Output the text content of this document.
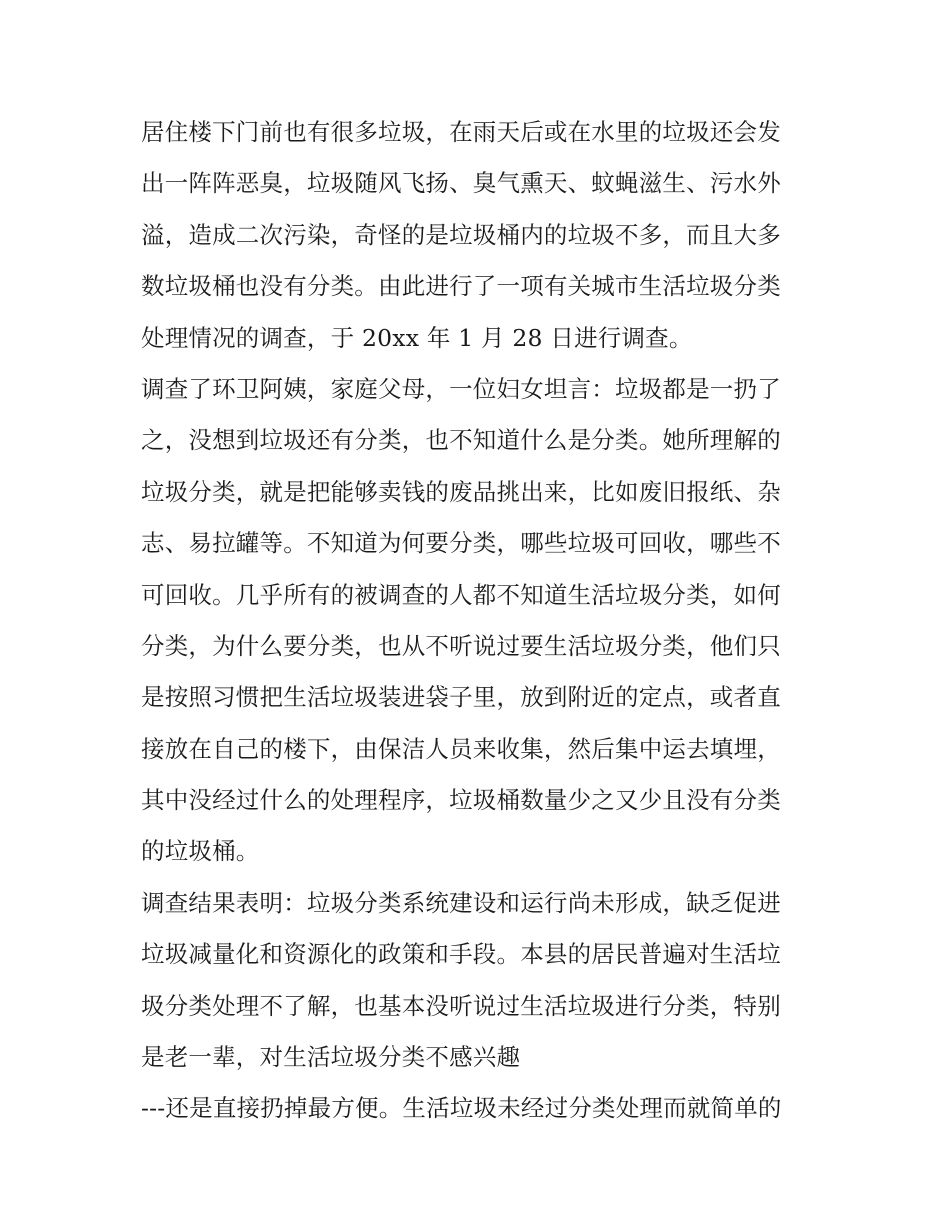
居住楼下门前也有很多垃圾，在雨天后或在水里的垃圾还会发
出一阵阵恶臭，垃圾随风飞扬、臭气熏天、蚊蝇滋生、污水外
溢，造成二次污染，奇怪的是垃圾桶内的垃圾不多，而且大多
数垃圾桶也没有分类。由此进行了一项有关城市生活垃圾分类
处理情况的调查，于 20xx 年 1 月 28 日进行调查。
调查了环卫阿姨，家庭父母，一位妇女坦言：垃圾都是一扔了
之，没想到垃圾还有分类，也不知道什么是分类。她所理解的
垃圾分类，就是把能够卖钱的废品挑出来，比如废旧报纸、杂
志、易拉罐等。不知道为何要分类，哪些垃圾可回收，哪些不
可回收。几乎所有的被调查的人都不知道生活垃圾分类，如何
分类，为什么要分类，也从不听说过要生活垃圾分类，他们只
是按照习惯把生活垃圾装进袋子里，放到附近的定点，或者直
接放在自己的楼下，由保洁人员来收集，然后集中运去填埋，
其中没经过什么的处理程序，垃圾桶数量少之又少且没有分类
的垃圾桶。
调查结果表明：垃圾分类系统建设和运行尚未形成，缺乏促进
垃圾减量化和资源化的政策和手段。本县的居民普遍对生活垃
圾分类处理不了解，也基本没听说过生活垃圾进行分类，特别
是老一辈，对生活垃圾分类不感兴趣
---还是直接扔掉最方便。生活垃圾未经过分类处理而就简单的
